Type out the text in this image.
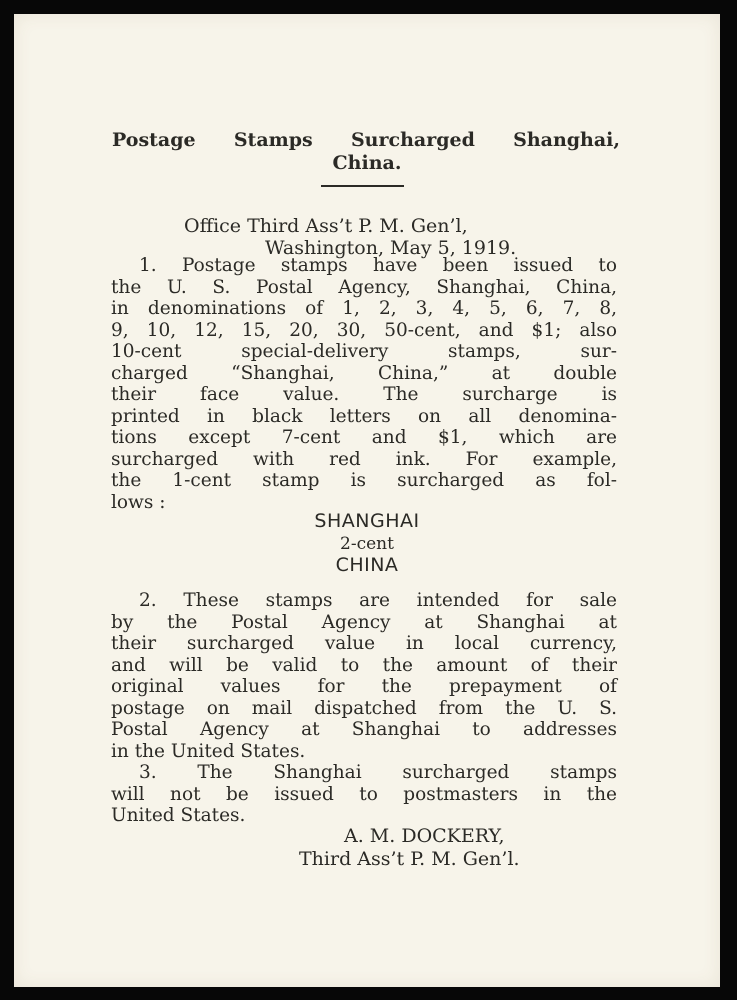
Postage Stamps Surcharged Shanghai,
China.
Office Third Ass’t P. M. Gen’l,
Washington, May 5, 1919.
1. Postage stamps have been issued to
the U. S. Postal Agency, Shanghai, China,
in denominations of 1, 2, 3, 4, 5, 6, 7, 8,
9, 10, 12, 15, 20, 30, 50-cent, and $1; also
10-cent special-delivery stamps, sur-
charged “Shanghai, China,” at double
their face value. The surcharge is
printed in black letters on all denomina-
tions except 7-cent and $1, which are
surcharged with red ink. For example,
the 1-cent stamp is surcharged as fol-
lows :
SHANGHAI
2-cent
CHINA
2. These stamps are intended for sale
by the Postal Agency at Shanghai at
their surcharged value in local currency,
and will be valid to the amount of their
original values for the prepayment of
postage on mail dispatched from the U. S.
Postal Agency at Shanghai to addresses
in the United States.
3. The Shanghai surcharged stamps
will not be issued to postmasters in the
United States.
A. M. DOCKERY,
Third Ass’t P. M. Gen’l.
